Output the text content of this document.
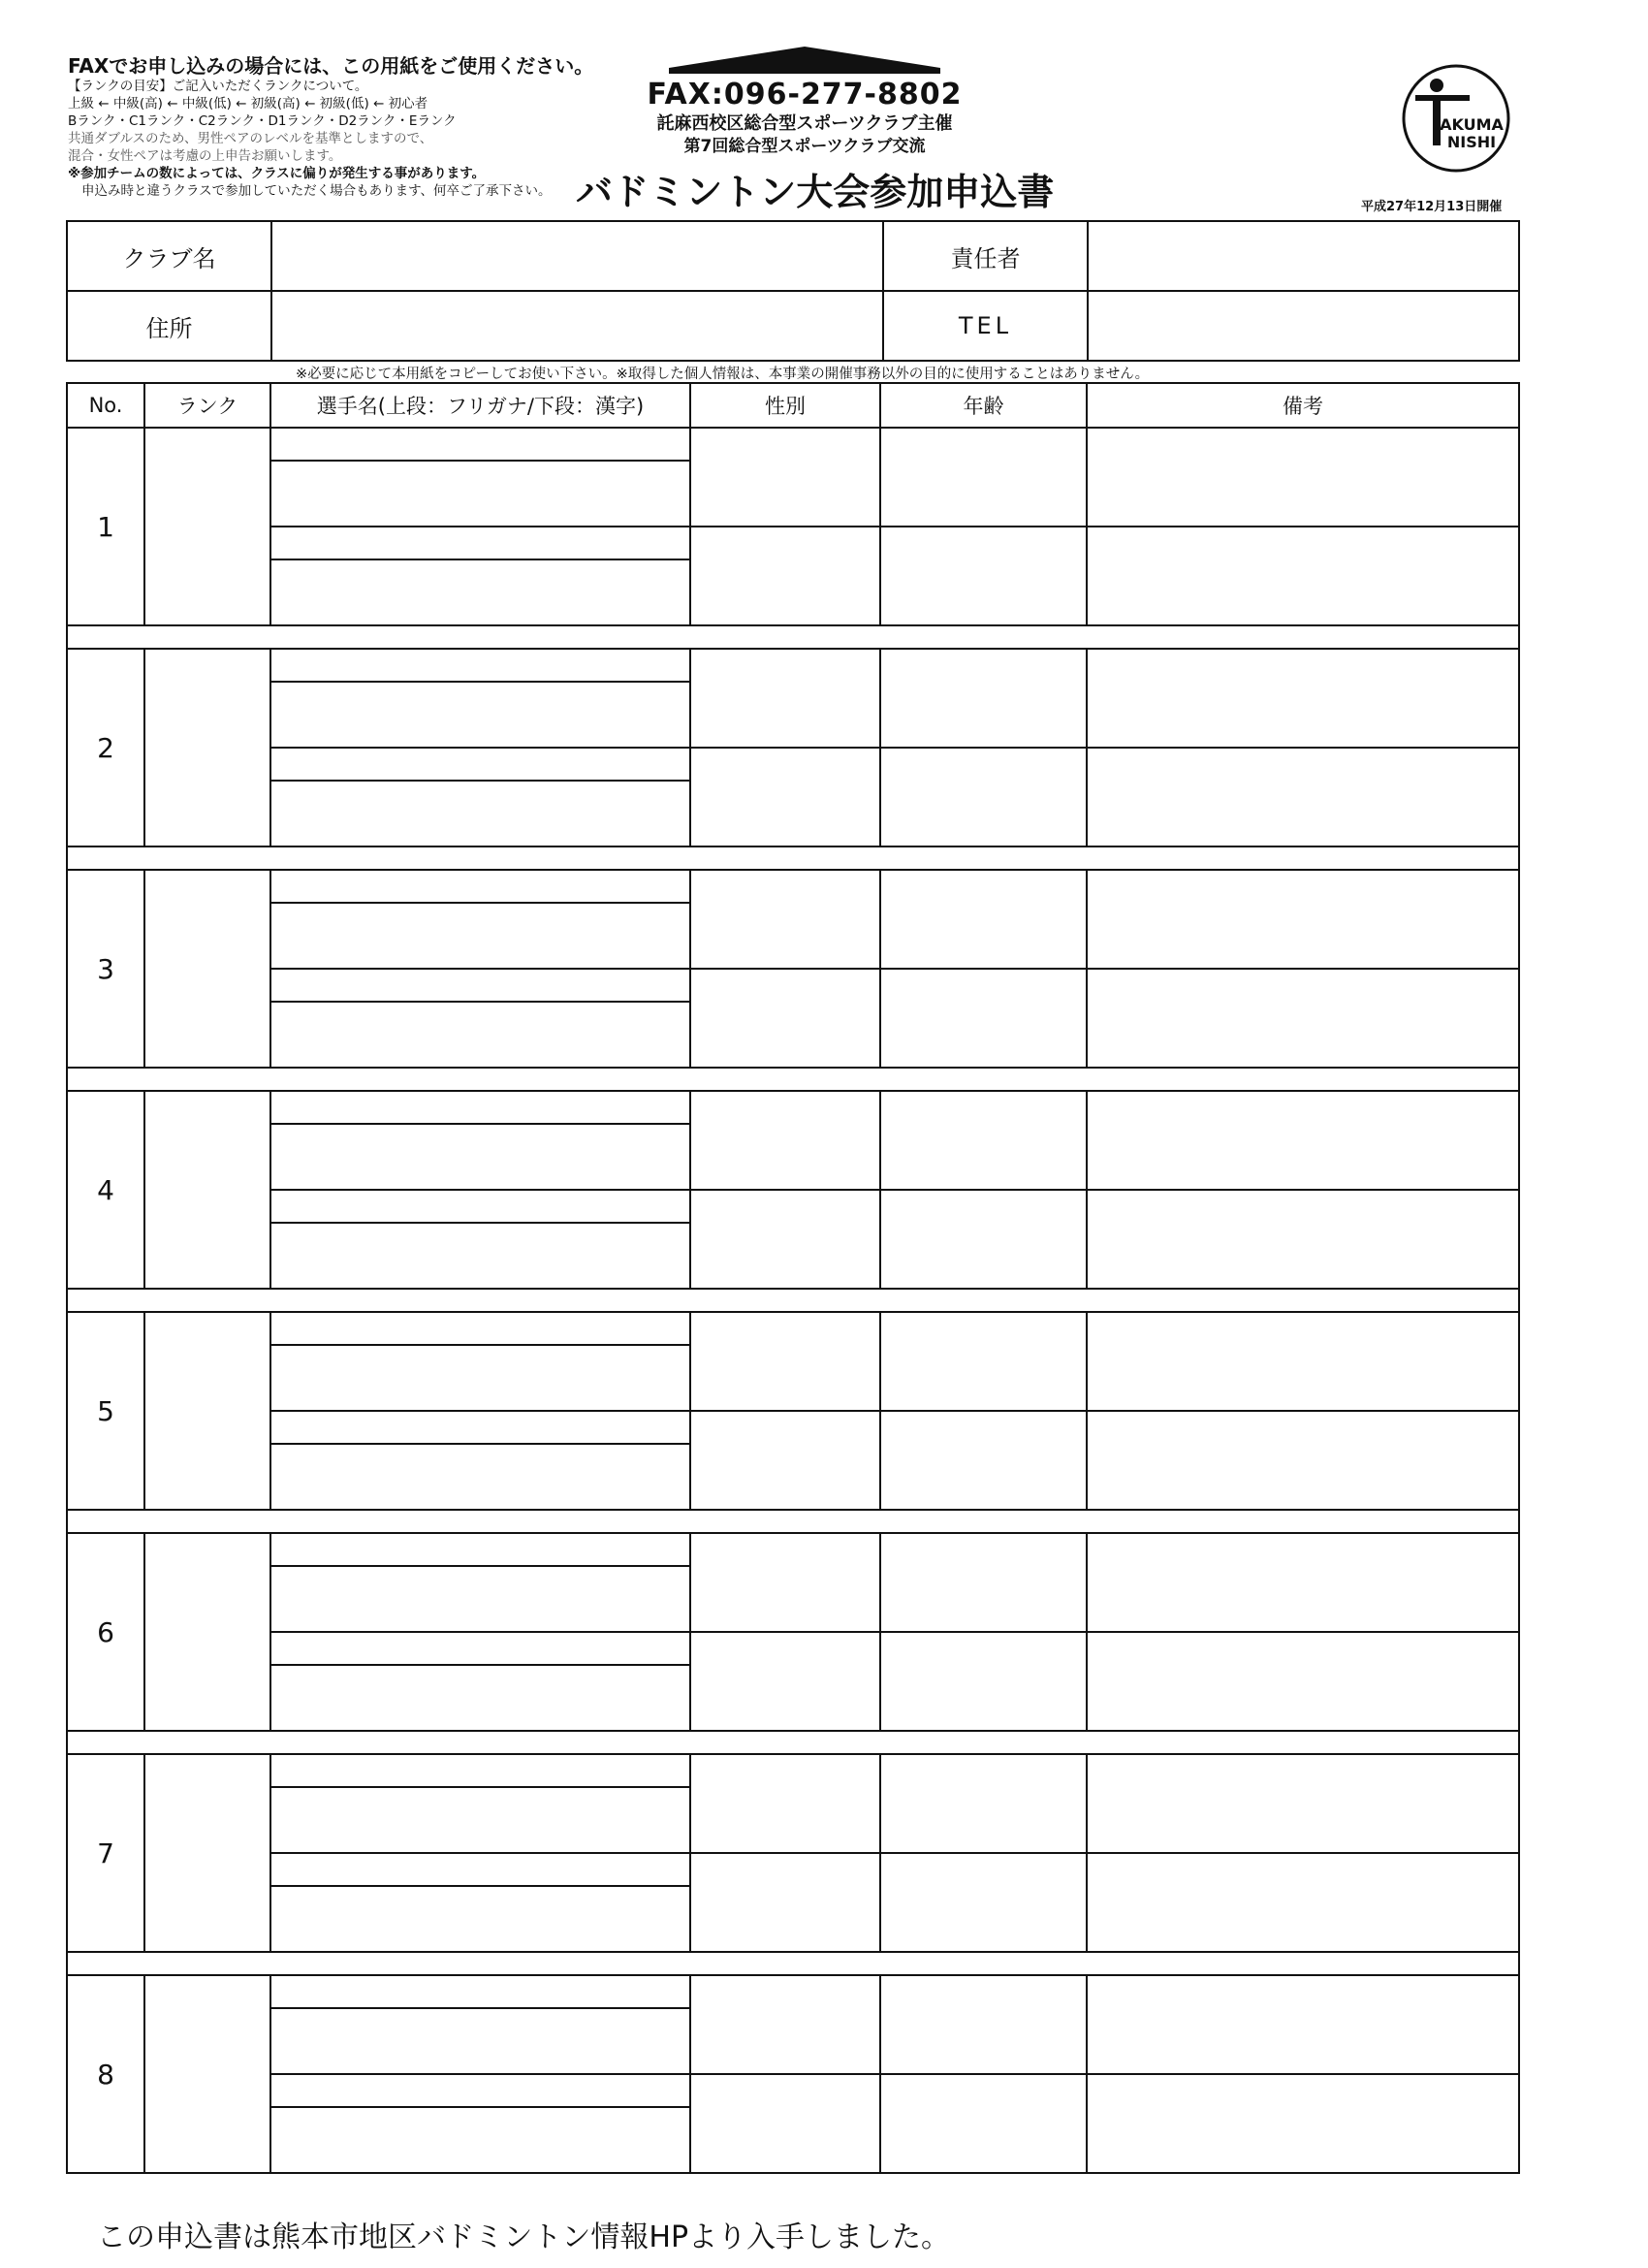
FAXでお申し込みの場合には、この用紙をご使用ください。
【ランクの目安】ご記入いただくランクについて。
上級 ← 中級(高) ← 中級(低) ← 初級(高) ← 初級(低) ← 初心者
Bランク・C1ランク・C2ランク・D1ランク・D2ランク・Eランク
共通ダブルスのため、男性ペアのレベルを基準としますので、
混合・女性ペアは考慮の上申告お願いします。
※参加チームの数によっては、クラスに偏りが発生する事があります。
申込み時と違うクラスで参加していただく場合もあります、何卒ご了承下さい。
FAX:096-277-8802
託麻西校区総合型スポーツクラブ主催
第7回総合型スポーツクラブ交流
バドミントン大会参加申込書	平成27年12月13日開催
AKUMA
NISHI
クラブ名		責任者	
住所		TEL	
※必要に応じて本用紙をコピーしてお使い下さい。※取得した個人情報は、本事業の開催事務以外の目的に使用することはありません。
No.	ランク	選手名(上段：フリガナ/下段：漢字)	性別	年齢	備考
1		

2		

3		

4		

5		

6		

7		

8		

この申込書は熊本市地区バドミントン情報HPより入手しました。
